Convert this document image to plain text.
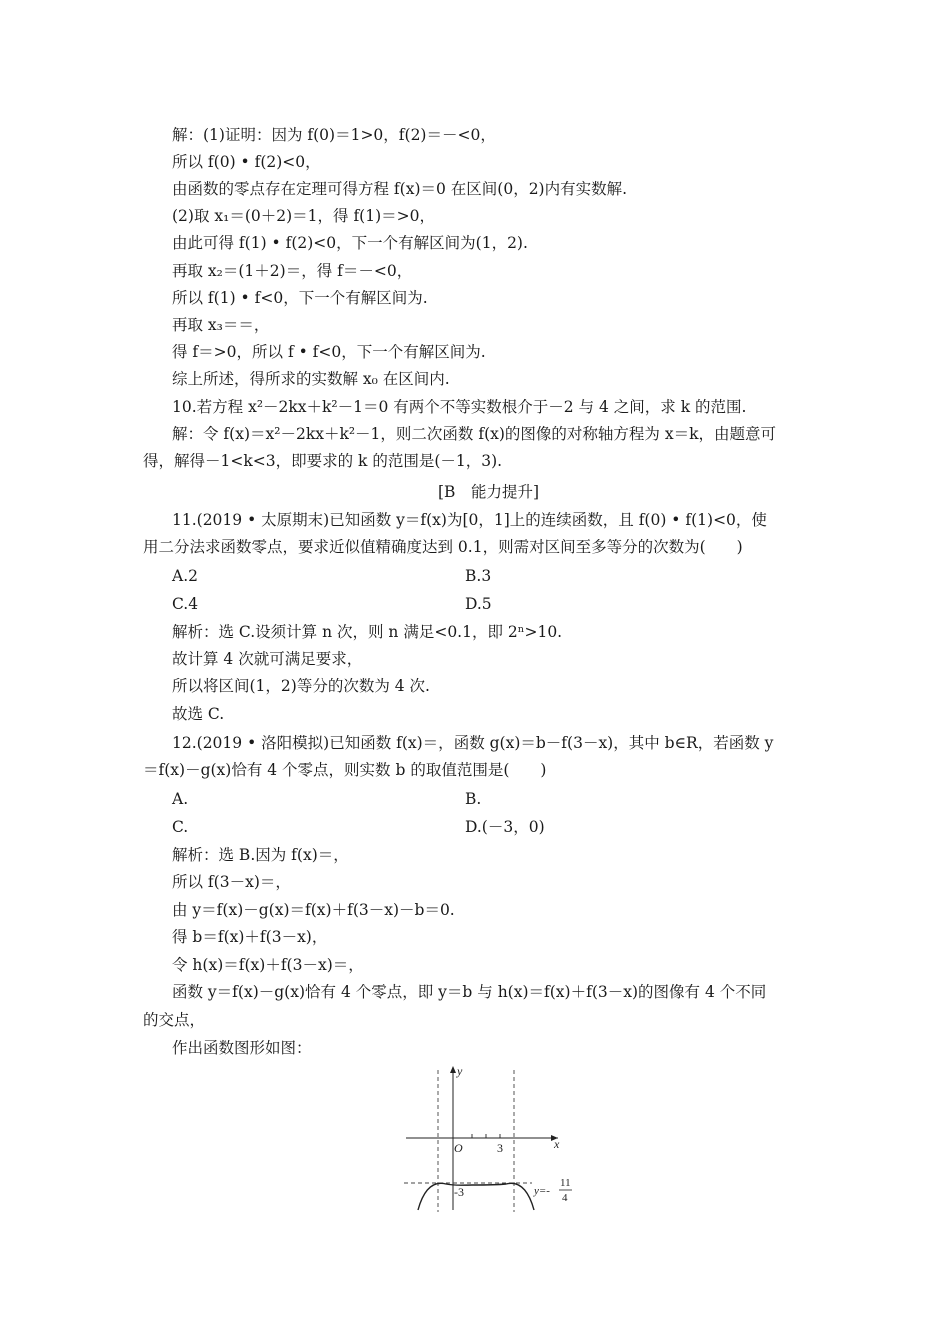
解：(1)证明：因为 f(0)＝1>0，f(2)＝－<0，
所以 f(0) • f(2)<0，
由函数的零点存在定理可得方程 f(x)＝0 在区间(0，2)内有实数解.
(2)取 x₁＝(0＋2)＝1，得 f(1)＝>0，
由此可得 f(1) • f(2)<0，下一个有解区间为(1，2).
再取 x₂＝(1＋2)＝，得 f＝－<0，
所以 f(1) • f<0，下一个有解区间为.
再取 x₃＝＝，
得 f＝>0，所以 f • f<0，下一个有解区间为.
综上所述，得所求的实数解 x₀ 在区间内.
10.若方程 x²－2kx＋k²－1＝0 有两个不等实数根介于－2 与 4 之间，求 k 的范围.
解：令 f(x)＝x²－2kx＋k²－1，则二次函数 f(x)的图像的对称轴方程为 x＝k，由题意可
得，解得－1<k<3，即要求的 k 的范围是(－1，3).
[B　能力提升]
11.(2019 • 太原期末)已知函数 y＝f(x)为[0，1]上的连续函数，且 f(0) • f(1)<0，使
用二分法求函数零点，要求近似值精确度达到 0.1，则需对区间至多等分的次数为(　　)
A.2	B.3
C.4	D.5
解析：选 C.设须计算 n 次，则 n 满足<0.1，即 2ⁿ>10.
故计算 4 次就可满足要求，
所以将区间(1，2)等分的次数为 4 次.
故选 C.
12.(2019 • 洛阳模拟)已知函数 f(x)＝，函数 g(x)＝b－f(3－x)，其中 b∈R，若函数 y
＝f(x)－g(x)恰有 4 个零点，则实数 b 的取值范围是(　　)
A.	B.
C.	D.(－3，0)
解析：选 B.因为 f(x)＝，
所以 f(3－x)＝，
由 y＝f(x)－g(x)＝f(x)＋f(3－x)－b＝0.
得 b＝f(x)＋f(3－x)，
令 h(x)＝f(x)＋f(3－x)＝，
函数 y＝f(x)－g(x)恰有 4 个零点，即 y＝b 与 h(x)＝f(x)＋f(3－x)的图像有 4 个不同
的交点，
作出函数图形如图：
y
x
O	3
-3	y=-
11
4
